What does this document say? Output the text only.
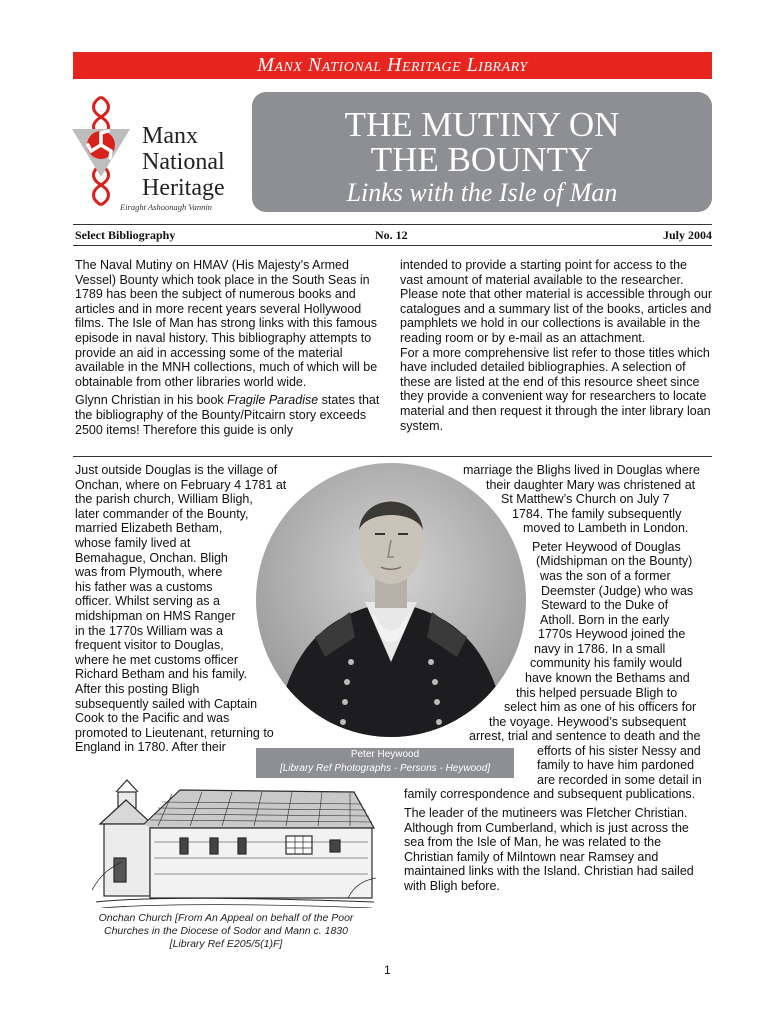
Manx National Heritage Library
Manx
National
Heritage
Eiraght Ashoonagh Vannin
THE MUTINY ON
THE BOUNTY
Links with the Isle of Man
Select Bibliography	No. 12	July 2004

The Naval Mutiny on HMAV (His Majesty’s Armed Vessel) Bounty which took place in the South Seas in 1789 has been the subject of numerous books and articles and in more recent years several Hollywood films. The Isle of Man has strong links with this famous episode in naval history. This bibliography attempts to provide an aid in accessing some of the material available in the MNH collections, much of which will be obtainable from other libraries world wide.

Glynn Christian in his book Fragile Paradise states that the bibliography of the Bounty/Pitcairn story exceeds 2500 items! Therefore this guide is only

intended to provide a starting point for access to the vast amount of material available to the researcher. Please note that other material is accessible through our catalogues and a summary list of the books, articles and pamphlets we hold in our collections is available in the reading room or by e-mail as an attachment.

For a more comprehensive list refer to those titles which have included detailed bibliographies. A selection of these are listed at the end of this resource sheet since they provide a convenient way for researchers to locate material and then request it through the inter library loan system.

Just outside Douglas is the village of
Onchan, where on February 4 1781 at
the parish church, William Bligh,
later commander of the Bounty,
married Elizabeth Betham,
whose family lived at
Bemahague, Onchan. Bligh
was from Plymouth, where
his father was a customs
officer. Whilst serving as a
midshipman on HMS Ranger
in the 1770s William was a
frequent visitor to Douglas,
where he met customs officer
Richard Betham and his family.
After this posting Bligh
subsequently sailed with Captain
Cook to the Pacific and was
promoted to Lieutenant, returning to
England in 1780. After their
Peter Heywood
[Library Ref Photographs - Persons - Heywood]
marriage the Blighs lived in Douglas where
their daughter Mary was christened at
St Matthew’s Church on July 7
1784. The family subsequently
moved to Lambeth in London.
Peter Heywood of Douglas
(Midshipman on the Bounty)
was the son of a former
Deemster (Judge) who was
Steward to the Duke of
Atholl. Born in the early
1770s Heywood joined the
navy in 1786. In a small
community his family would
have known the Bethams and
this helped persuade Bligh to
select him as one of his officers for
the voyage. Heywood’s subsequent
arrest, trial and sentence to death and the
efforts of his sister Nessy and
family to have him pardoned
are recorded in some detail in
family correspondence and subsequent publications.
The leader of the mutineers was Fletcher Christian.
Although from Cumberland, which is just across the
sea from the Isle of Man, he was related to the
Christian family of Milntown near Ramsey and
maintained links with the Island. Christian had sailed
with Bligh before.
Onchan Church [From An Appeal on behalf of the Poor
Churches in the Diocese of Sodor and Mann c. 1830
[Library Ref E205/5(1)F]
1
